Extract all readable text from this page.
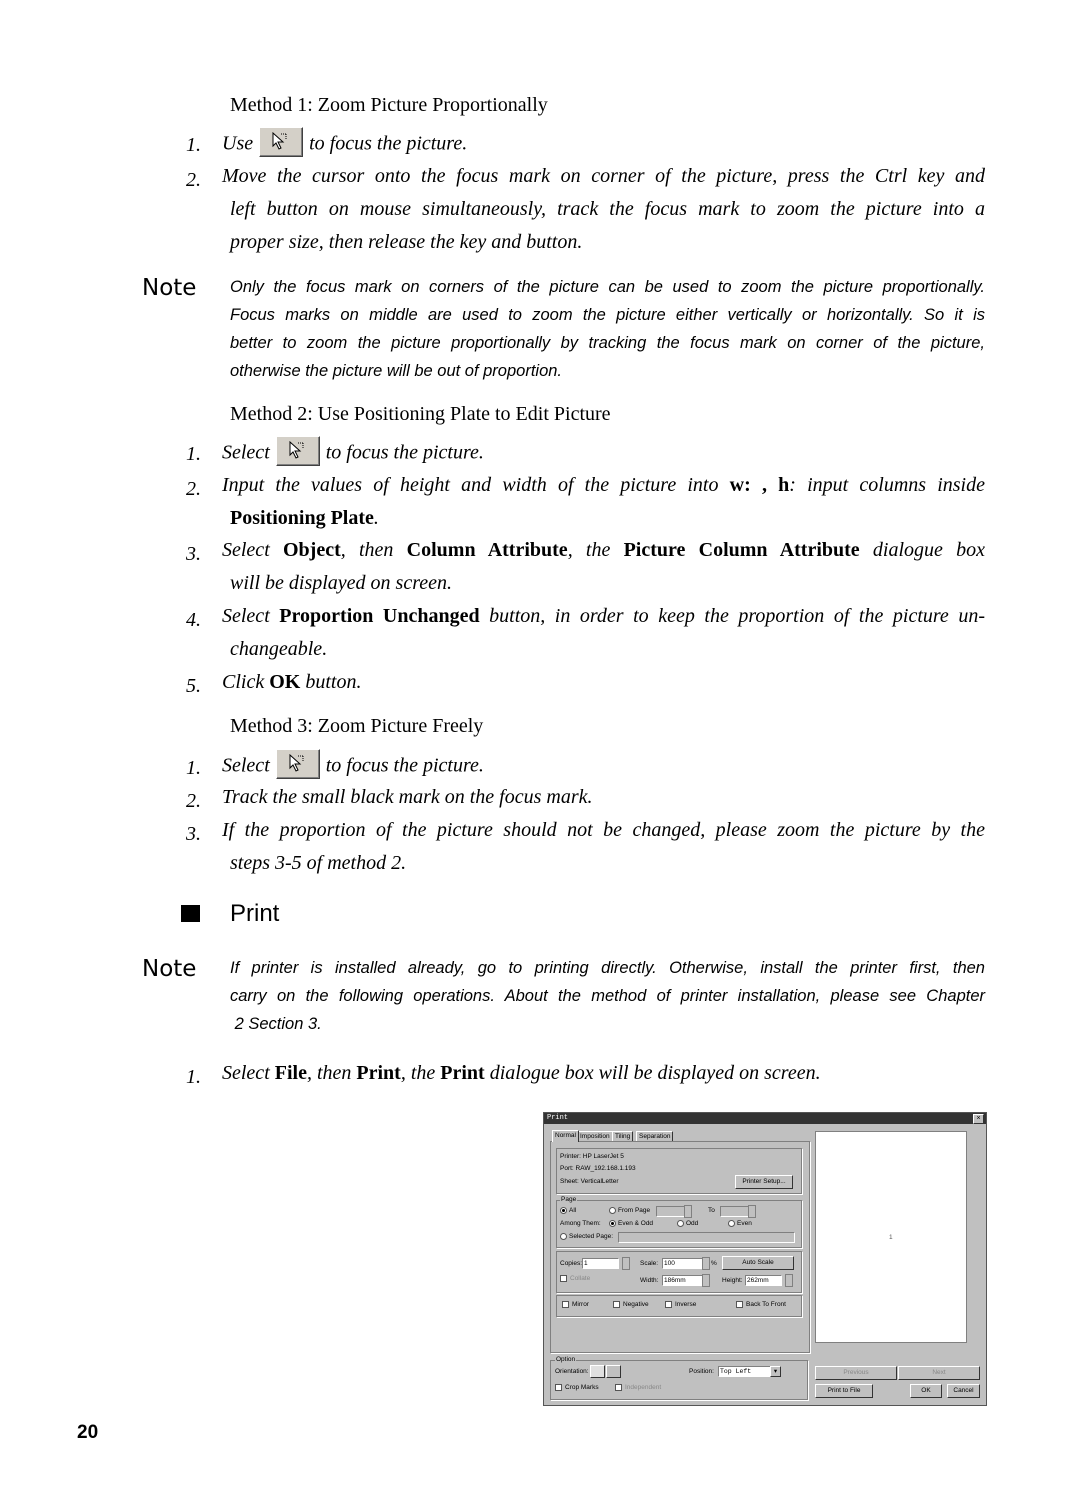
Method 1: Zoom Picture Proportionally
1. Use	to focus the picture.
2. Move the cursor onto the focus mark on corner of the picture, press the Ctrl key and
left button on mouse simultaneously, track the focus mark to zoom the picture into a
proper size, then release the key and button.
Note Only the focus mark on corners of the picture can be used to zoom the picture proportionally.
Focus marks on middle are used to zoom the picture either vertically or horizontally. So it is
better to zoom the picture proportionally by tracking the focus mark on corner of the picture,
otherwise the picture will be out of proportion.
Method 2: Use Positioning Plate to Edit Picture
1. Select	to focus the picture.
2. Input the values of height and width of the picture into w: , h: input columns inside
Positioning Plate.
3. Select Object, then Column Attribute, the Picture Column Attribute dialogue box
will be displayed on screen.
4. Select Proportion Unchanged button, in order to keep the proportion of the picture un-
changeable.
5. Click OK button.
Method 3: Zoom Picture Freely
1. Select	to focus the picture.
2. Track the small black mark on the focus mark.
3. If the proportion of the picture should not be changed, please zoom the picture by the
steps 3-5 of method 2.
Print
Note If printer is installed already, go to printing directly. Otherwise, install the printer first, then
carry on the following operations. About the method of printer installation, please see Chapter
2 Section 3.
1. Select File, then Print, the Print dialogue box will be displayed on screen.
Print	×
Normal Imposition Tiling	Separation
Printer: HP LaserJet 5
Port: RAW_192.168.1.193
Sheet: VerticalLetter	Printer Setup...
Page
All	From Page	To
Among Them:	Even & Odd	Odd	Even
Selected Page:
Copies: 1	Scale: 100	%	Auto Scale
Collate	Width: 186mm	Height: 262mm
Mirror	Negative	Inverse	Back To Front
Option
Orientation:	Position: Top Left	▾
Crop Marks	Independent
1
Previous	Next
Print to File	OK	Cancel
20
